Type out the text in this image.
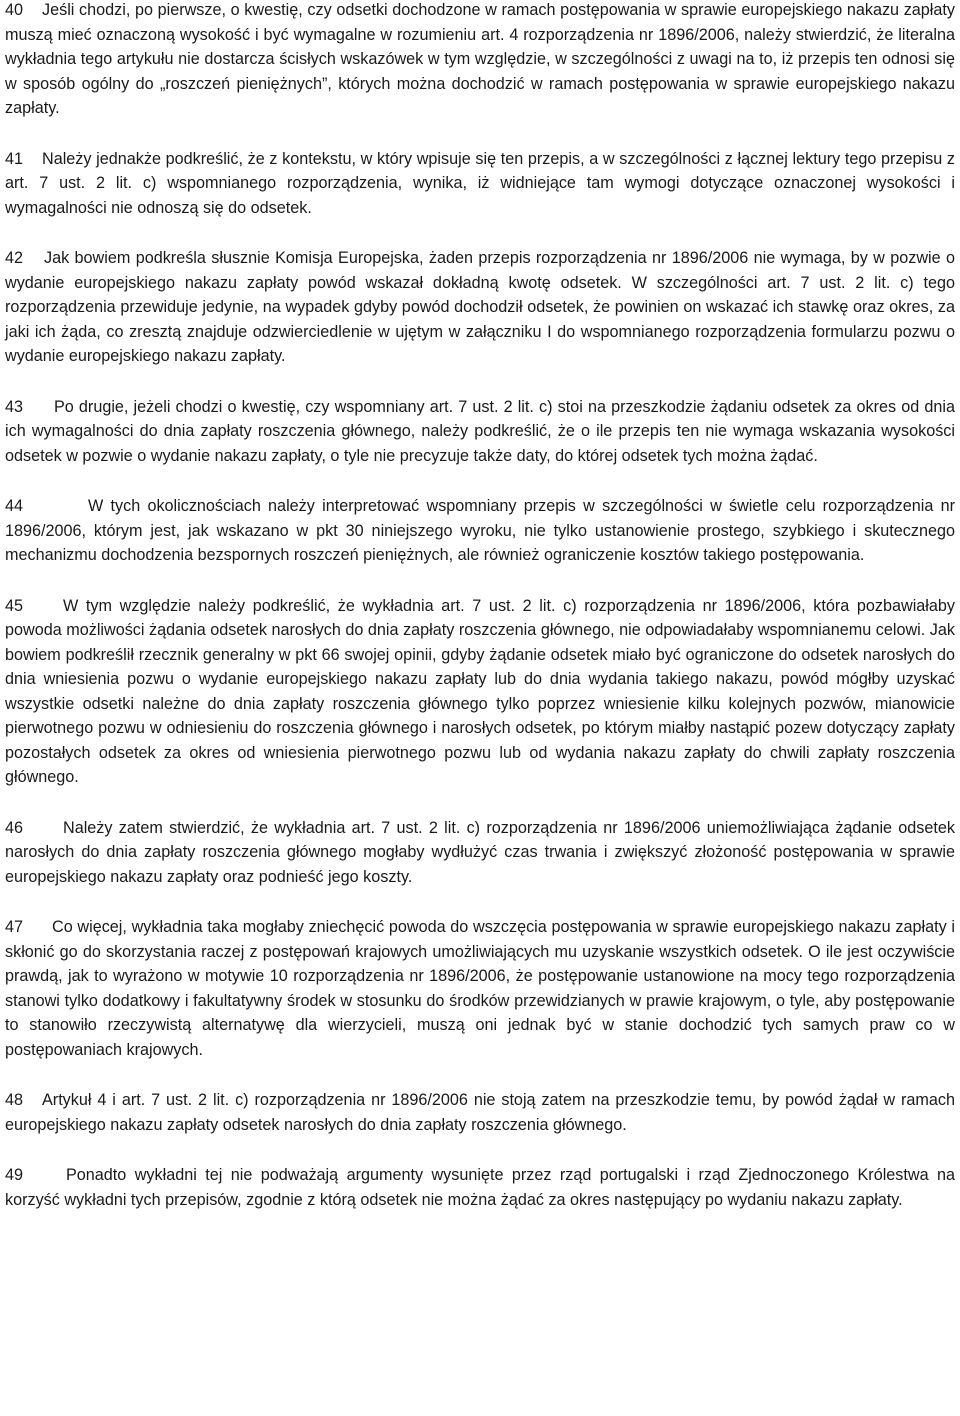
40 Jeśli chodzi, po pierwsze, o kwestię, czy odsetki dochodzone w ramach postępowania w sprawie europejskiego nakazu zapłaty muszą mieć oznaczoną wysokość i być wymagalne w rozumieniu art. 4 rozporządzenia nr 1896/2006, należy stwierdzić, że literalna wykładnia tego artykułu nie dostarcza ścisłych wskazówek w tym względzie, w szczególności z uwagi na to, iż przepis ten odnosi się w sposób ogólny do „roszczeń pieniężnych”, których można dochodzić w ramach postępowania w sprawie europejskiego nakazu zapłaty.

41 Należy jednakże podkreślić, że z kontekstu, w który wpisuje się ten przepis, a w szczególności z łącznej lektury tego przepisu z art. 7 ust. 2 lit. c) wspomnianego rozporządzenia, wynika, iż widniejące tam wymogi dotyczące oznaczonej wysokości i wymagalności nie odnoszą się do odsetek.

42 Jak bowiem podkreśla słusznie Komisja Europejska, żaden przepis rozporządzenia nr 1896/2006 nie wymaga, by w pozwie o wydanie europejskiego nakazu zapłaty powód wskazał dokładną kwotę odsetek. W szczególności art. 7 ust. 2 lit. c) tego rozporządzenia przewiduje jedynie, na wypadek gdyby powód dochodził odsetek, że powinien on wskazać ich stawkę oraz okres, za jaki ich żąda, co zresztą znajduje odzwierciedlenie w ujętym w załączniku I do wspomnianego rozporządzenia formularzu pozwu o wydanie europejskiego nakazu zapłaty.

43 Po drugie, jeżeli chodzi o kwestię, czy wspomniany art. 7 ust. 2 lit. c) stoi na przeszkodzie żądaniu odsetek za okres od dnia ich wymagalności do dnia zapłaty roszczenia głównego, należy podkreślić, że o ile przepis ten nie wymaga wskazania wysokości odsetek w pozwie o wydanie nakazu zapłaty, o tyle nie precyzuje także daty, do której odsetek tych można żądać.

44	W tych okolicznościach należy interpretować wspomniany przepis w szczególności w świetle celu rozporządzenia nr 1896/2006, którym jest, jak wskazano w pkt 30 niniejszego wyroku, nie tylko ustanowienie prostego, szybkiego i skutecznego mechanizmu dochodzenia bezspornych roszczeń pieniężnych, ale również ograniczenie kosztów takiego postępowania.

45 W tym względzie należy podkreślić, że wykładnia art. 7 ust. 2 lit. c) rozporządzenia nr 1896/2006, która pozbawiałaby powoda możliwości żądania odsetek narosłych do dnia zapłaty roszczenia głównego, nie odpowiadałaby wspomnianemu celowi. Jak bowiem podkreślił rzecznik generalny w pkt 66 swojej opinii, gdyby żądanie odsetek miało być ograniczone do odsetek narosłych do dnia wniesienia pozwu o wydanie europejskiego nakazu zapłaty lub do dnia wydania takiego nakazu, powód mógłby uzyskać wszystkie odsetki należne do dnia zapłaty roszczenia głównego tylko poprzez wniesienie kilku kolejnych pozwów, mianowicie pierwotnego pozwu w odniesieniu do roszczenia głównego i narosłych odsetek, po którym miałby nastąpić pozew dotyczący zapłaty pozostałych odsetek za okres od wniesienia pierwotnego pozwu lub od wydania nakazu zapłaty do chwili zapłaty roszczenia głównego.

46 Należy zatem stwierdzić, że wykładnia art. 7 ust. 2 lit. c) rozporządzenia nr 1896/2006 uniemożliwiająca żądanie odsetek narosłych do dnia zapłaty roszczenia głównego mogłaby wydłużyć czas trwania i zwiększyć złożoność postępowania w sprawie europejskiego nakazu zapłaty oraz podnieść jego koszty.

47 Co więcej, wykładnia taka mogłaby zniechęcić powoda do wszczęcia postępowania w sprawie europejskiego nakazu zapłaty i skłonić go do skorzystania raczej z postępowań krajowych umożliwiających mu uzyskanie wszystkich odsetek. O ile jest oczywiście prawdą, jak to wyrażono w motywie 10 rozporządzenia nr 1896/2006, że postępowanie ustanowione na mocy tego rozporządzenia stanowi tylko dodatkowy i fakultatywny środek w stosunku do środków przewidzianych w prawie krajowym, o tyle, aby postępowanie to stanowiło rzeczywistą alternatywę dla wierzycieli, muszą oni jednak być w stanie dochodzić tych samych praw co w postępowaniach krajowych.

48 Artykuł 4 i art. 7 ust. 2 lit. c) rozporządzenia nr 1896/2006 nie stoją zatem na przeszkodzie temu, by powód żądał w ramach europejskiego nakazu zapłaty odsetek narosłych do dnia zapłaty roszczenia głównego.

49	Ponadto wykładni tej nie podważają argumenty wysunięte przez rząd portugalski i rząd Zjednoczonego Królestwa na korzyść wykładni tych przepisów, zgodnie z którą odsetek nie można żądać za okres następujący po wydaniu nakazu zapłaty.
